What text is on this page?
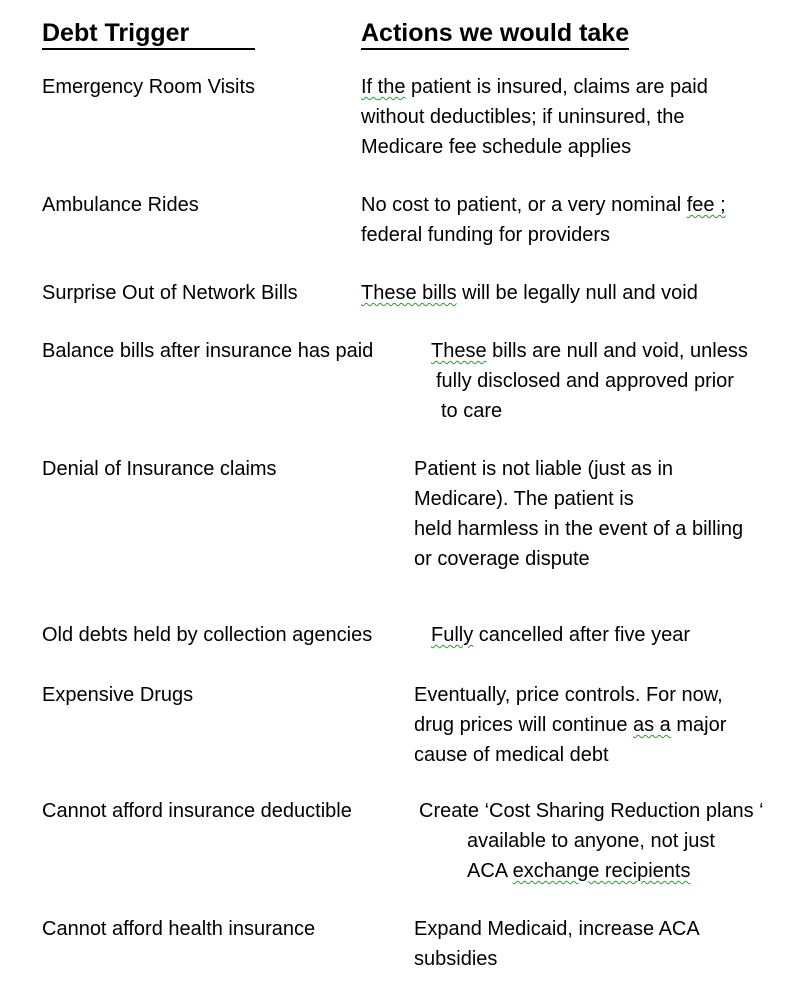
Debt Trigger	Actions we would take
Emergency Room Visits	If the patient is insured, claims are paid
without deductibles; if uninsured, the
Medicare fee schedule applies
Ambulance Rides	No cost to patient, or a very nominal fee ;
federal funding for providers
Surprise Out of Network Bills	These bills will be legally null and void
Balance bills after insurance has paid	These bills are null and void, unless
fully disclosed and approved prior
to care
Denial of Insurance claims	Patient is not liable (just as in
Medicare). The patient is
held harmless in the event of a billing
or coverage dispute
Old debts held by collection agencies	Fully cancelled after five year
Expensive Drugs	Eventually, price controls. For now,
drug prices will continue as a major
cause of medical debt
Cannot afford insurance deductible	Create ‘Cost Sharing Reduction plans ‘
available to anyone, not just
ACA exchange recipients
Cannot afford health insurance	Expand Medicaid, increase ACA
subsidies
